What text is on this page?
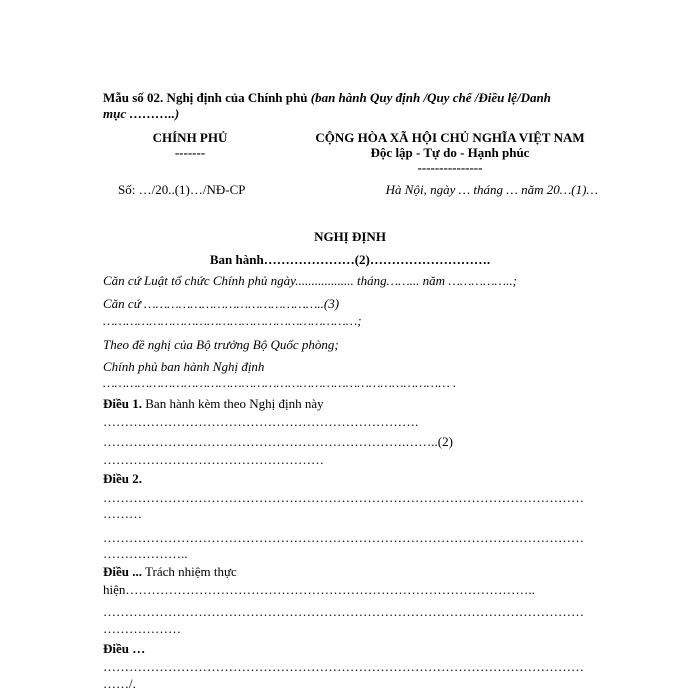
Mẫu số 02. Nghị định của Chính phủ (ban hành Quy định /Quy chế /Điều lệ/Danh
mục ………..)
CHÍNH PHỦ
-------
CỘNG HÒA XÃ HỘI CHỦ NGHĨA VIỆT NAM
Độc lập - Tự do - Hạnh phúc
---------------
Số: …/20..(1)…/NĐ-CP	Hà Nội, ngày … tháng … năm 20…(1)…
NGHỊ ĐỊNH
Ban hành…………………(2)……………………….
Căn cứ Luật tổ chức Chính phủ ngày.................. tháng……... năm ……………..;
Căn cứ ………………………………………..(3)
…………………………………………………………;
Theo đề nghị của Bộ trưởng Bộ Quốc phòng;
Chính phủ ban hành Nghị định
……………………………………………………………………………… .
Điều 1. Ban hành kèm theo Nghị định này
……………………………………………………………….
…………………………………………………………….……..(2)
……………………………………………
Điều 2.
…………………………………………………………………………………………………
………
…………………………………………………………………………………………………
………………..
Điều ... Trách nhiệm thực
hiện…………………………………………………………………………………..
…………………………………………………………………………………………………
………………
Điều …
…………………………………………………………………………………………………
……/.
